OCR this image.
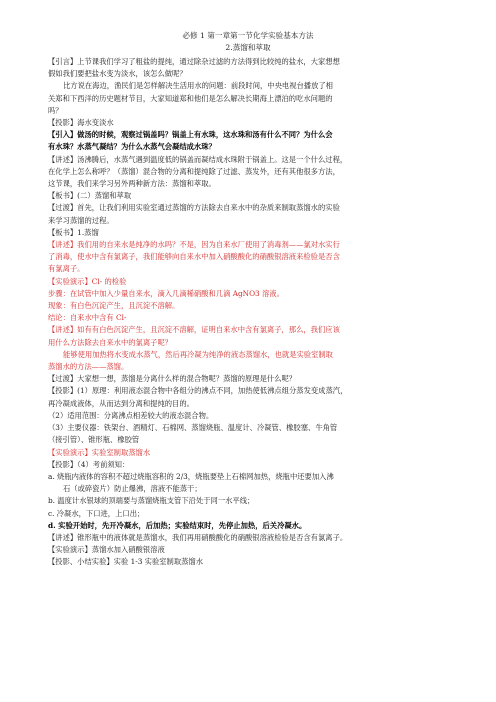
必修 1 第一章第一节化学实验基本方法

2.蒸馏和萃取

【引言】上节课我们学习了粗盐的提纯，通过除杂过滤的方法得到比较纯的盐水，大家想想
假如我们要把盐水变为淡水，该怎么做呢？
比方说在海边，渔民们是怎样解决生活用水的问题：前段时间，中央电视台播放了相
关郑和下西洋的历史题材节目，大家知道郑和他们是怎么解决长期海上漂泊的吃水问题的
吗？
【投影】海水变淡水
【引入】做汤的时候，观察过锅盖吗？锅盖上有水珠，这水珠和汤有什么不同？为什么会
有水珠？水蒸气凝结？为什么水蒸气会凝结成水珠？
【讲述】汤沸腾后，水蒸气遇到温度低的锅盖而凝结成水珠附于锅盖上。这是一个什么过程，
在化学上怎么称呼？（蒸馏）混合物的分离和提纯除了过滤、蒸发外，还有其他很多方法，
这节课，我们来学习另外两种新方法：蒸馏和萃取。
【板书】(二）蒸馏和萃取
【过渡】首先，让我们利用实验室通过蒸馏的方法除去自来水中的杂质来制取蒸馏水的实验
来学习蒸馏的过程。
【板书】1.蒸馏
【讲述】我们用的自来水是纯净的水吗？不是，因为自来水厂使用了消毒剂——氯对水实行
了消毒，使水中含有氯离子，我们能够向自来水中加入硝酸酸化的硝酸银溶液来检验是否含
有氯离子。
【实验演示】Cl- 的检验
步骤：在试管中加入少量自来水，滴入几滴稀硝酸和几滴 AgNO3 溶液。
现象：有白色沉淀产生，且沉淀不溶解。
结论：自来水中含有 Cl-
【讲述】如有有白色沉淀产生，且沉淀不溶解，证明自来水中含有氯离子，那么，我们应该
用什么方法除去自来水中的氯离子呢？
能够使用加热将水变成水蒸气，然后再冷凝为纯净的液态蒸馏水，也就是实验室制取
蒸馏水的方法——蒸馏。
【过渡】大家想一想，蒸馏是分离什么样的混合物呢？蒸馏的原理是什么呢？
【投影】(1）原理：利用液态混合物中各组分的沸点不同，加热使低沸点组分蒸发变成蒸汽，
再冷凝成液体，从而达到分离和提纯的目的。
（2）适用范围：分离沸点相差较大的液态混合物。
（3）主要仪器：铁架台、酒精灯、石棉网、蒸馏烧瓶、温度计、冷凝管、橡胶塞、牛角管
（接引管）、锥形瓶、橡胶管
【实验演示】实验室制取蒸馏水
【投影】（4）考前须知：
a. 烧瓶内液体的容积不超过烧瓶容积的 2/3，烧瓶要垫上石棉网加热，烧瓶中还要加入沸
石（或碎瓷片）防止爆沸，溶液不能蒸干；
b. 温度计水银球的顶端要与蒸馏烧瓶支管下沿处于同一水平线；
c. 冷凝水，下口进，上口出；
d. 实验开始时，先开冷凝水，后加热；实验结束时，先停止加热，后关冷凝水。
【讲述】锥形瓶中的液体就是蒸馏水，我们再用硝酸酸化的硝酸银溶液检验是否含有氯离子。
【实验演示】蒸馏水加入硝酸银溶液
【投影、小结实验】实验 1-3 实验室制取蒸馏水
